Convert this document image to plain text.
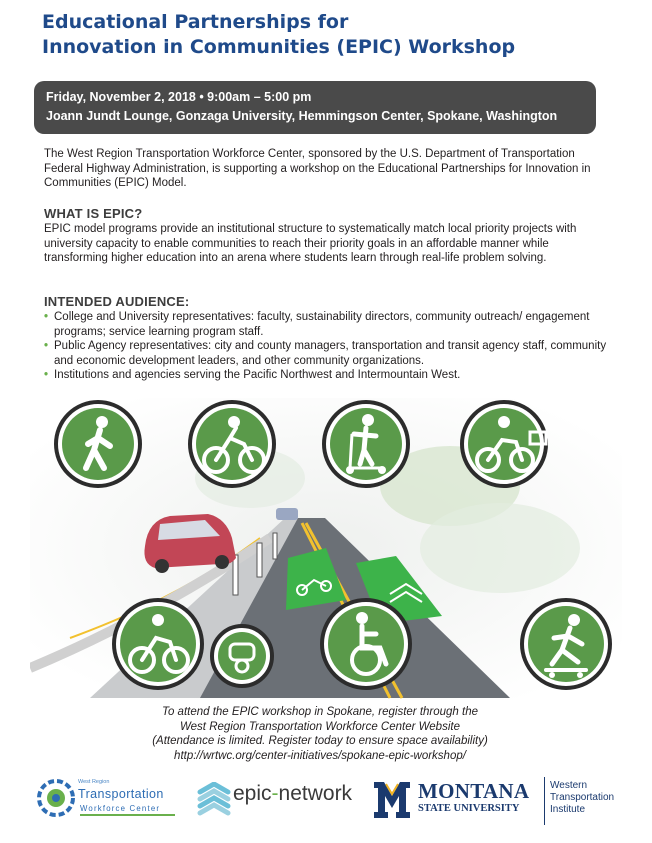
Educational Partnerships for
Innovation in Communities (EPIC) Workshop
Friday, November 2, 2018 • 9:00am – 5:00 pm
Joann Jundt Lounge, Gonzaga University, Hemmingson Center, Spokane, Washington
The West Region Transportation Workforce Center, sponsored by the U.S. Department of Transportation Federal Highway Administration, is supporting a workshop on the Educational Partnerships for Innovation in Communities (EPIC) Model.
WHAT IS EPIC?
EPIC model programs provide an institutional structure to systematically match local priority projects with university capacity to enable communities to reach their priority goals in an affordable manner while transforming higher education into an arena where students learn through real-life problem solving.
INTENDED AUDIENCE:
• College and University representatives: faculty, sustainability directors, community outreach/ engagement programs; service learning program staff.
• Public Agency representatives: city and county managers, transportation and transit agency staff, community and economic development leaders, and other community organizations.
• Institutions and agencies serving the Pacific Northwest and Intermountain West.
To attend the EPIC workshop in Spokane, register through the
West Region Transportation Workforce Center Website
(Attendance is limited. Register today to ensure space availability)
http://wrtwc.org/center-initiatives/spokane-epic-workshop/
West Region
Transportation
Workforce Center
epic-network	MONTANA
STATE UNIVERSITY
Western
Transportation
Institute
